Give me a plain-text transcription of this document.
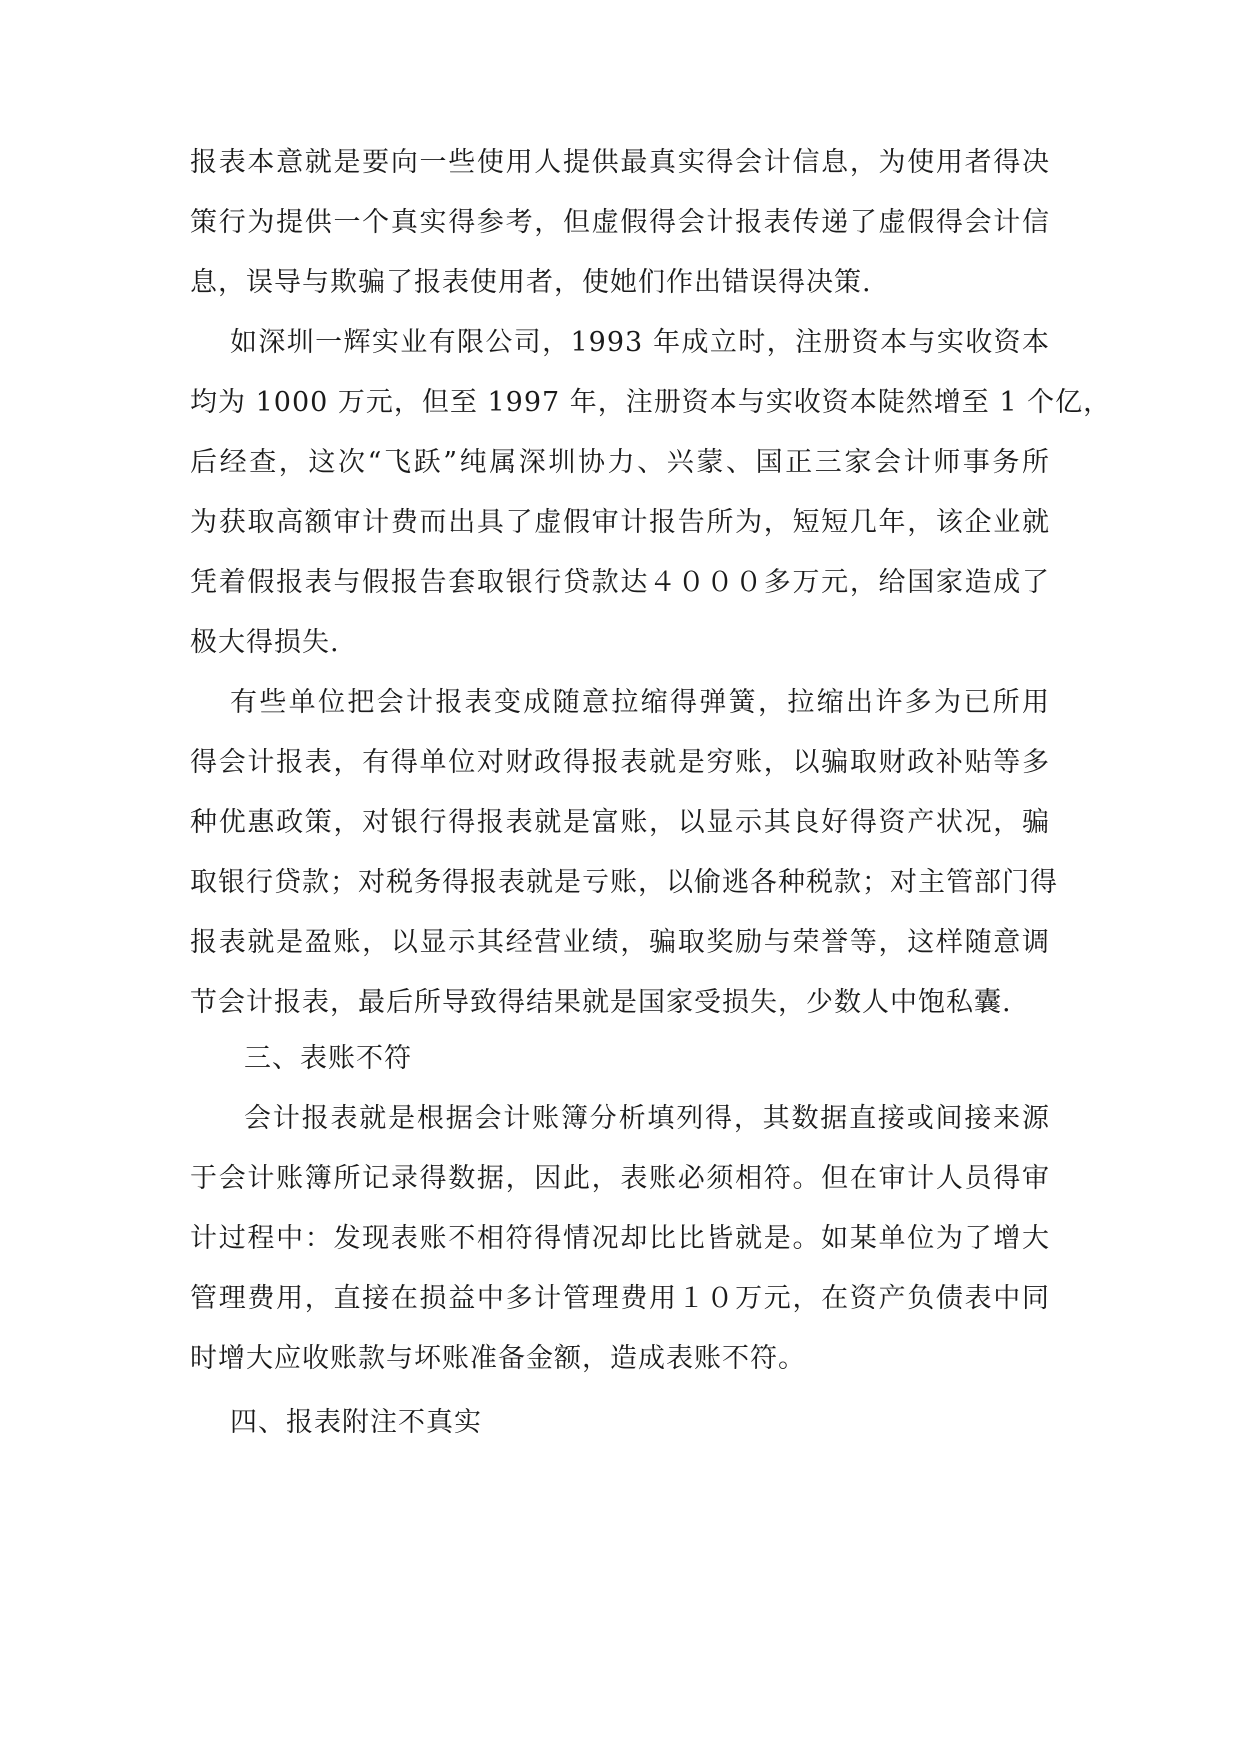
报表本意就是要向一些使用人提供最真实得会计信息，为使用者得决
策行为提供一个真实得参考，但虚假得会计报表传递了虚假得会计信
息，误导与欺骗了报表使用者，使她们作出错误得决策.
如深圳一辉实业有限公司，1993 年成立时，注册资本与实收资本
均为 1000 万元，但至 1997 年，注册资本与实收资本陡然增至 1 个亿，
后经查，这次“飞跃”纯属深圳协力、兴蒙、国正三家会计师事务所
为获取高额审计费而出具了虚假审计报告所为，短短几年，该企业就
凭着假报表与假报告套取银行贷款达４０００多万元，给国家造成了
极大得损失.
有些单位把会计报表变成随意拉缩得弹簧，拉缩出许多为已所用
得会计报表，有得单位对财政得报表就是穷账，以骗取财政补贴等多
种优惠政策，对银行得报表就是富账，以显示其良好得资产状况，骗
取银行贷款；对税务得报表就是亏账，以偷逃各种税款；对主管部门得
报表就是盈账，以显示其经营业绩，骗取奖励与荣誉等，这样随意调
节会计报表，最后所导致得结果就是国家受损失，少数人中饱私囊.
三、表账不符
会计报表就是根据会计账簿分析填列得，其数据直接或间接来源
于会计账簿所记录得数据，因此，表账必须相符。但在审计人员得审
计过程中：发现表账不相符得情况却比比皆就是。如某单位为了增大
管理费用，直接在损益中多计管理费用１０万元，在资产负债表中同
时增大应收账款与坏账准备金额，造成表账不符。
四、报表附注不真实
